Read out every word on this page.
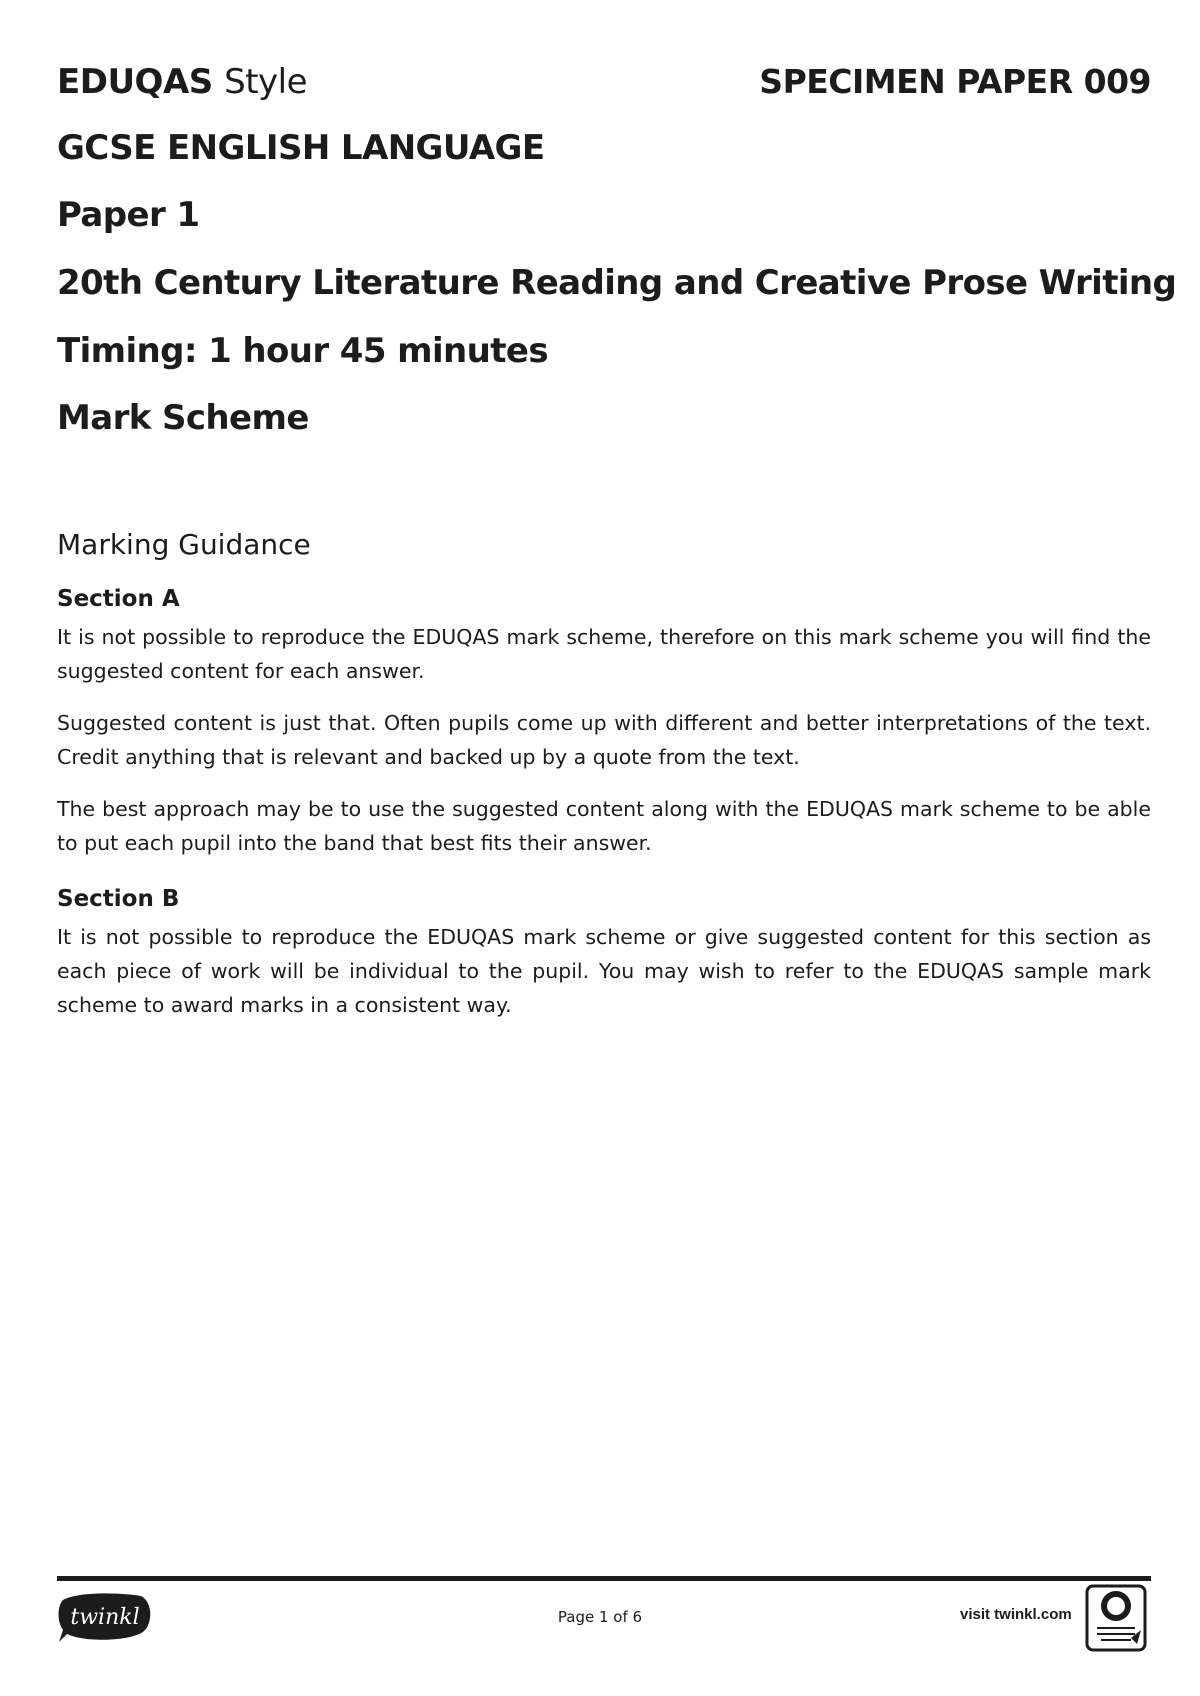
EDUQAS Style	SPECIMEN PAPER 009
GCSE ENGLISH LANGUAGE
Paper 1
20th Century Literature Reading and Creative Prose Writing
Timing: 1 hour 45 minutes
Mark Scheme
Marking Guidance
Section A

It is not possible to reproduce the EDUQAS mark scheme, therefore on this mark scheme you will find the suggested content for each answer.

Suggested content is just that. Often pupils come up with different and better interpretations of the text. Credit anything that is relevant and backed up by a quote from the text.

The best approach may be to use the suggested content along with the EDUQAS mark scheme to be able to put each pupil into the band that best fits their answer.

Section B

It is not possible to reproduce the EDUQAS mark scheme or give suggested content for this section as each piece of work will be individual to the pupil. You may wish to refer to the EDUQAS sample mark scheme to award marks in a consistent way.

twinkl	Page 1 of 6	visit twinkl.com
